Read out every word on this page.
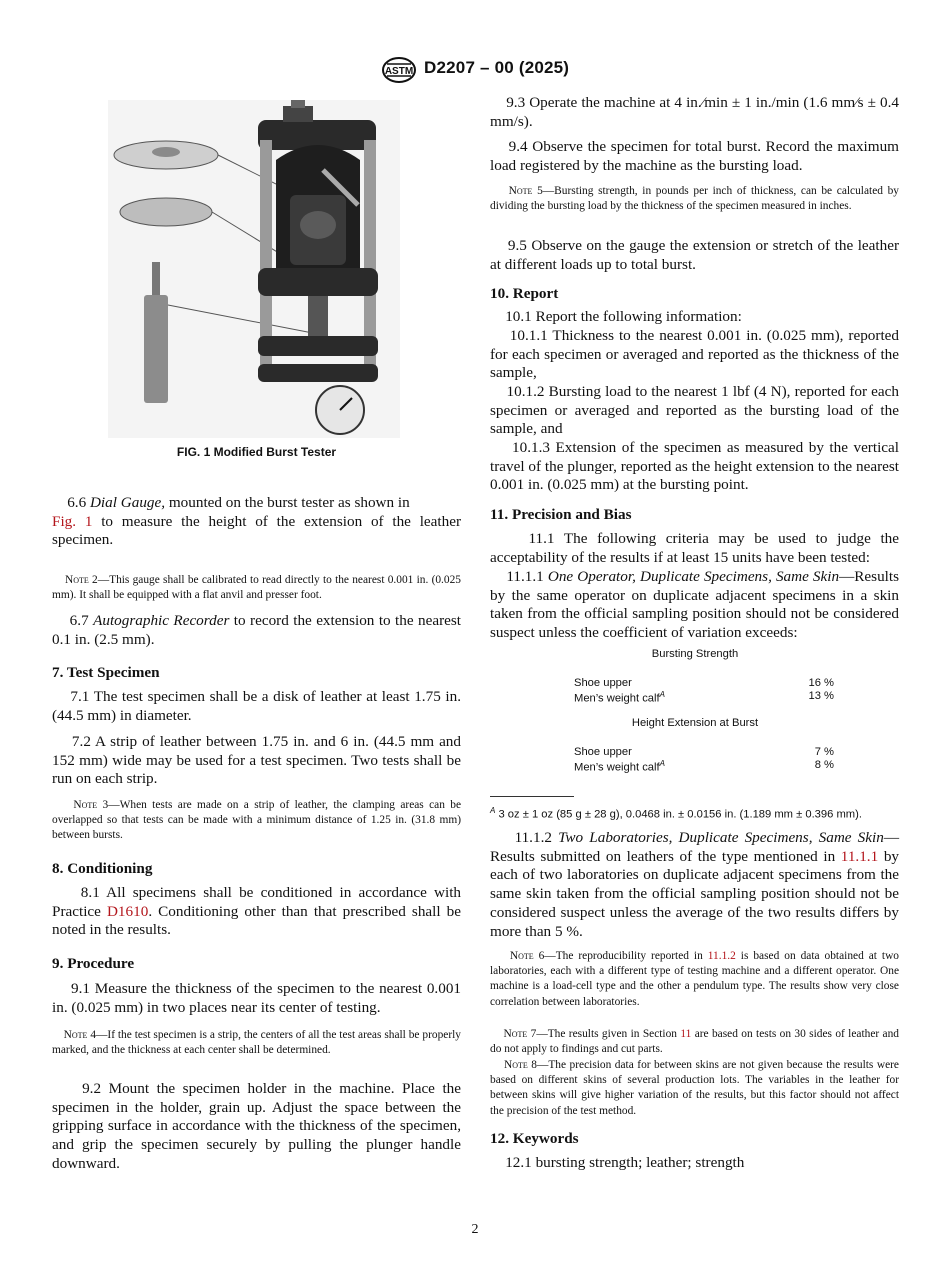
ASTM D2207 – 00 (2025)
FIG. 1 Modified Burst Tester
6.6 Dial Gauge, mounted on the burst tester as shown in
Fig. 1 to measure the height of the extension of the leather specimen.
Note 2—This gauge shall be calibrated to read directly to the nearest 0.001 in. (0.025 mm). It shall be equipped with a flat anvil and presser foot.
6.7 Autographic Recorder to record the extension to the nearest 0.1 in. (2.5 mm).
7. Test Specimen
7.1 The test specimen shall be a disk of leather at least 1.75 in. (44.5 mm) in diameter.
7.2 A strip of leather between 1.75 in. and 6 in. (44.5 mm and 152 mm) wide may be used for a test specimen. Two tests shall be run on each strip.
Note 3—When tests are made on a strip of leather, the clamping areas can be overlapped so that tests can be made with a minimum distance of 1.25 in. (31.8 mm) between bursts.
8. Conditioning
8.1 All specimens shall be conditioned in accordance with Practice D1610. Conditioning other than that prescribed shall be noted in the results.
9. Procedure
9.1 Measure the thickness of the specimen to the nearest 0.001 in. (0.025 mm) in two places near its center of testing.
Note 4—If the test specimen is a strip, the centers of all the test areas shall be properly marked, and the thickness at each center shall be determined.
9.2 Mount the specimen holder in the machine. Place the specimen in the holder, grain up. Adjust the space between the gripping surface in accordance with the thickness of the specimen, and grip the specimen securely by pulling the plunger handle downward.
9.3 Operate the machine at 4 in.⁄min ± 1 in./min (1.6 mm⁄s ± 0.4 mm/s).
9.4 Observe the specimen for total burst. Record the maximum load registered by the machine as the bursting load.
Note 5—Bursting strength, in pounds per inch of thickness, can be calculated by dividing the bursting load by the thickness of the specimen measured in inches.
9.5 Observe on the gauge the extension or stretch of the leather at different loads up to total burst.
10. Report
10.1 Report the following information:
10.1.1 Thickness to the nearest 0.001 in. (0.025 mm), reported for each specimen or averaged and reported as the thickness of the sample,
10.1.2 Bursting load to the nearest 1 lbf (4 N), reported for each specimen or averaged and reported as the bursting load of the sample, and
10.1.3 Extension of the specimen as measured by the vertical travel of the plunger, reported as the height extension to the nearest 0.001 in. (0.025 mm) at the bursting point.
11. Precision and Bias
11.1 The following criteria may be used to judge the acceptability of the results if at least 15 units have been tested:
11.1.1 One Operator, Duplicate Specimens, Same Skin—Results by the same operator on duplicate adjacent specimens in a skin taken from the official sampling position should not be considered suspect unless the coefficient of variation exceeds:
Bursting Strength
Shoe upper	16 %
Men’s weight calf$^A$	13 %
Height Extension at Burst
Shoe upper	7 %
Men’s weight calf$^A$	8 %
$^A$ 3 oz ± 1 oz (85 g ± 28 g), 0.0468 in. ± 0.0156 in. (1.189 mm ± 0.396 mm).
11.1.2 Two Laboratories, Duplicate Specimens, Same Skin—Results submitted on leathers of the type mentioned in 11.1.1 by each of two laboratories on duplicate adjacent specimens from the same skin taken from the official sampling position should not be considered suspect unless the average of the two results differs by more than 5 %.
Note 6—The reproducibility reported in 11.1.2 is based on data obtained at two laboratories, each with a different type of testing machine and a different operator. One machine is a load-cell type and the other a pendulum type. The results show very close correlation between laboratories.
Note 7—The results given in Section 11 are based on tests on 30 sides of leather and do not apply to findings and cut parts.
Note 8—The precision data for between skins are not given because the results were based on different skins of several production lots. The variables in the leather for between skins will give higher variation of the results, but this factor should not affect the precision of the test method.
12. Keywords
12.1 bursting strength; leather; strength
2
